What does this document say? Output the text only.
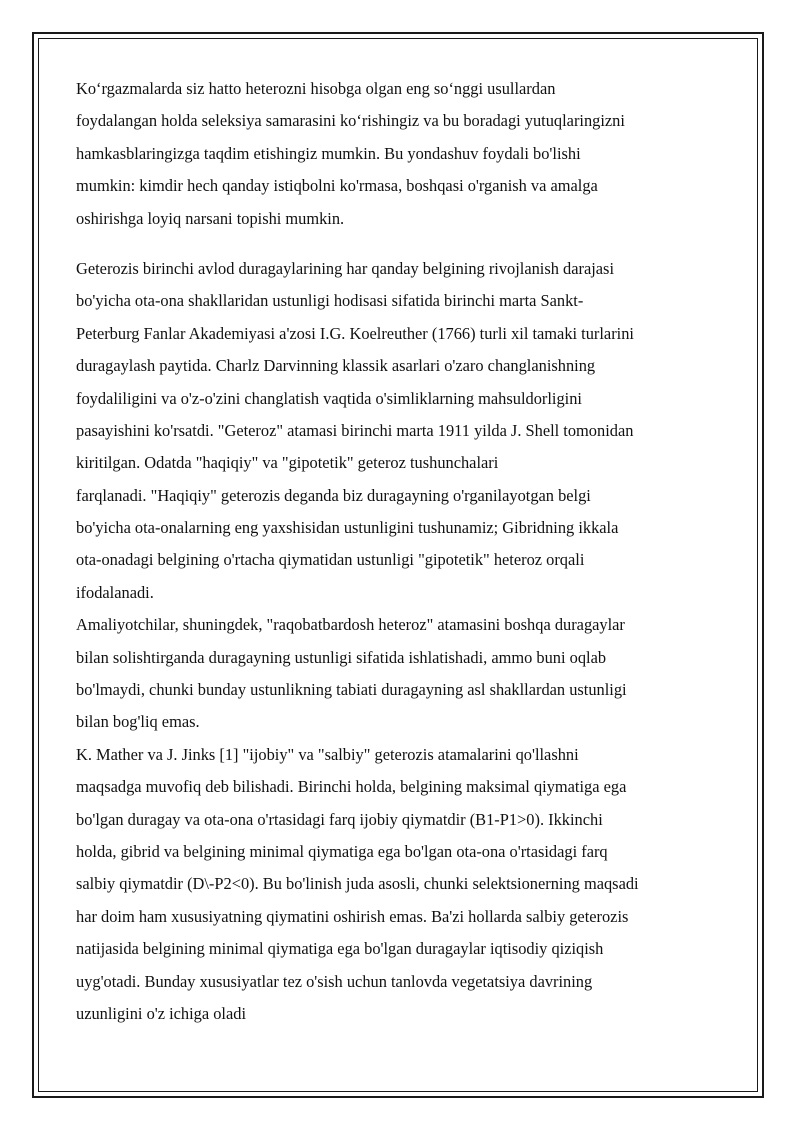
Ko‘rgazmalarda siz hatto heterozni hisobga olgan eng so‘nggi usullardan
foydalangan holda seleksiya samarasini ko‘rishingiz va bu boradagi yutuqlaringizni
hamkasblaringizga taqdim etishingiz mumkin. Bu yondashuv foydali bo'lishi
mumkin: kimdir hech qanday istiqbolni ko'rmasa, boshqasi o'rganish va amalga
oshirishga loyiq narsani topishi mumkin.
Geterozis birinchi avlod duragaylarining har qanday belgining rivojlanish darajasi
bo'yicha ota-ona shakllaridan ustunligi hodisasi sifatida birinchi marta Sankt-
Peterburg Fanlar Akademiyasi a'zosi I.G. Koelreuther (1766) turli xil tamaki turlarini
duragaylash paytida. Charlz Darvinning klassik asarlari o'zaro changlanishning
foydaliligini va o'z-o'zini changlatish vaqtida o'simliklarning mahsuldorligini
pasayishini ko'rsatdi. "Geteroz" atamasi birinchi marta 1911 yilda J. Shell tomonidan
kiritilgan. Odatda "haqiqiy" va "gipotetik" geteroz tushunchalari
farqlanadi. "Haqiqiy" geterozis deganda biz duragayning o'rganilayotgan belgi
bo'yicha ota-onalarning eng yaxshisidan ustunligini tushunamiz; Gibridning ikkala
ota-onadagi belgining o'rtacha qiymatidan ustunligi "gipotetik" heteroz orqali
ifodalanadi.
Amaliyotchilar, shuningdek, "raqobatbardosh heteroz" atamasini boshqa duragaylar
bilan solishtirganda duragayning ustunligi sifatida ishlatishadi, ammo buni oqlab
bo'lmaydi, chunki bunday ustunlikning tabiati duragayning asl shakllardan ustunligi
bilan bog'liq emas.
K. Mather va J. Jinks [1] "ijobiy" va "salbiy" geterozis atamalarini qo'llashni
maqsadga muvofiq deb bilishadi. Birinchi holda, belgining maksimal qiymatiga ega
bo'lgan duragay va ota-ona o'rtasidagi farq ijobiy qiymatdir (B1-P1>0). Ikkinchi
holda, gibrid va belgining minimal qiymatiga ega bo'lgan ota-ona o'rtasidagi farq
salbiy qiymatdir (D\-P2<0). Bu bo'linish juda asosli, chunki selektsionerning maqsadi
har doim ham xususiyatning qiymatini oshirish emas. Ba'zi hollarda salbiy geterozis
natijasida belgining minimal qiymatiga ega bo'lgan duragaylar iqtisodiy qiziqish
uyg'otadi. Bunday xususiyatlar tez o'sish uchun tanlovda vegetatsiya davrining
uzunligini o'z ichiga oladi
